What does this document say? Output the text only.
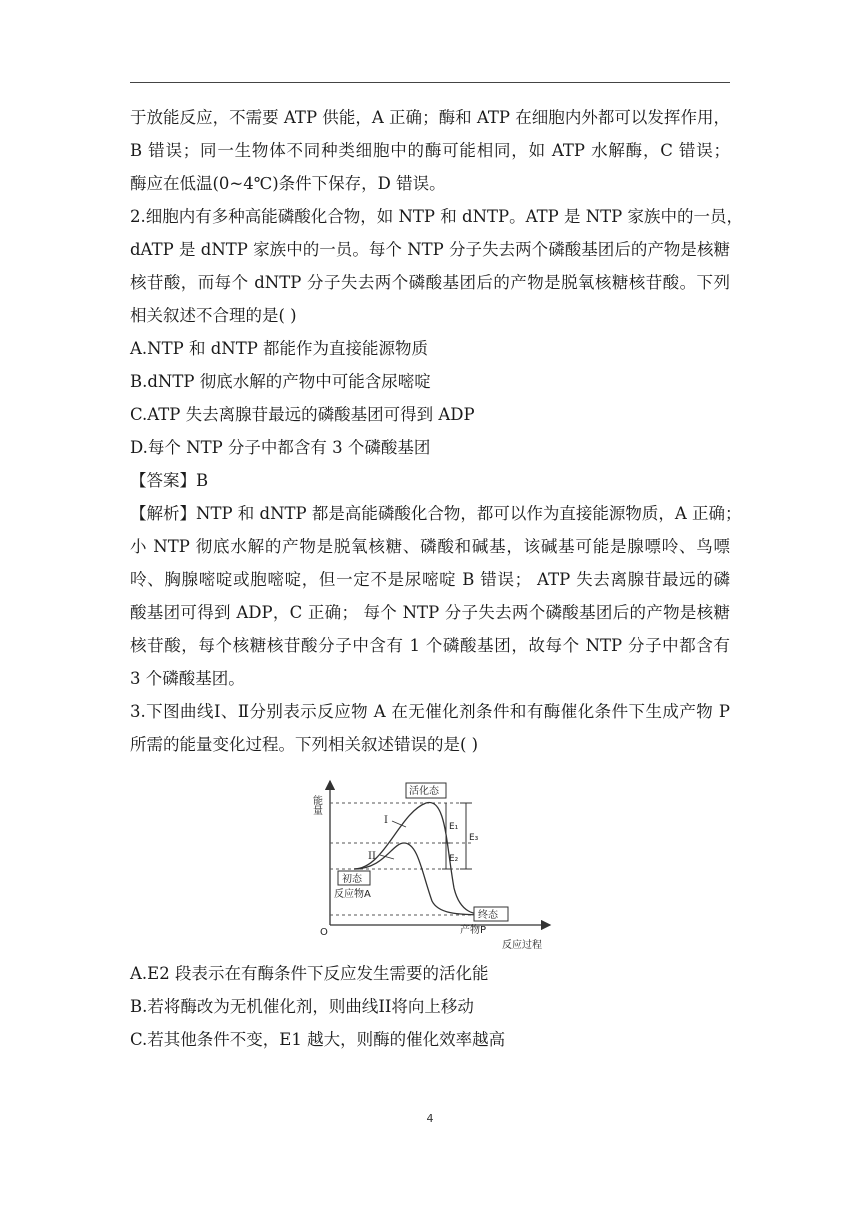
于放能反应，不需要 ATP 供能，A 正确；酶和 ATP 在细胞内外都可以发挥作用，
B 错误；同一生物体不同种类细胞中的酶可能相同，如 ATP 水解酶，C 错误；
酶应在低温(0~4℃)条件下保存，D 错误。
2.细胞内有多种高能磷酸化合物，如 NTP 和 dNTP。ATP 是 NTP 家族中的一员，
dATP 是 dNTP 家族中的一员。每个 NTP 分子失去两个磷酸基团后的产物是核糖
核苷酸，而每个 dNTP 分子失去两个磷酸基团后的产物是脱氧核糖核苷酸。下列
相关叙述不合理的是( )
A.NTP 和 dNTP 都能作为直接能源物质
B.dNTP 彻底水解的产物中可能含尿嘧啶
C.ATP 失去离腺苷最远的磷酸基团可得到 ADP
D.每个 NTP 分子中都含有 3 个磷酸基团
【答案】B
【解析】NTP 和 dNTP 都是高能磷酸化合物，都可以作为直接能源物质，A 正确；
小 NTP 彻底水解的产物是脱氧核糖、磷酸和碱基，该碱基可能是腺嘌呤、鸟嘌
呤、胸腺嘧啶或胞嘧啶，但一定不是尿嘧啶 B 错误； ATP 失去离腺苷最远的磷
酸基团可得到 ADP，C 正确； 每个 NTP 分子失去两个磷酸基团后的产物是核糖
核苷酸，每个核糖核苷酸分子中含有 1 个磷酸基团，故每个 NTP 分子中都含有
3 个磷酸基团。
3.下图曲线Ⅰ、Ⅱ分别表示反应物 A 在无催化剂条件和有酶催化条件下生成产物 P
所需的能量变化过程。下列相关叙述错误的是( )
能量
O
反应过程
活化态
初态
反应物A
终态
产物P
I
II
E₁
E₂
E₃
A.E2 段表示在有酶条件下反应发生需要的活化能
B.若将酶改为无机催化剂，则曲线II将向上移动
C.若其他条件不变，E1 越大，则酶的催化效率越高
4
